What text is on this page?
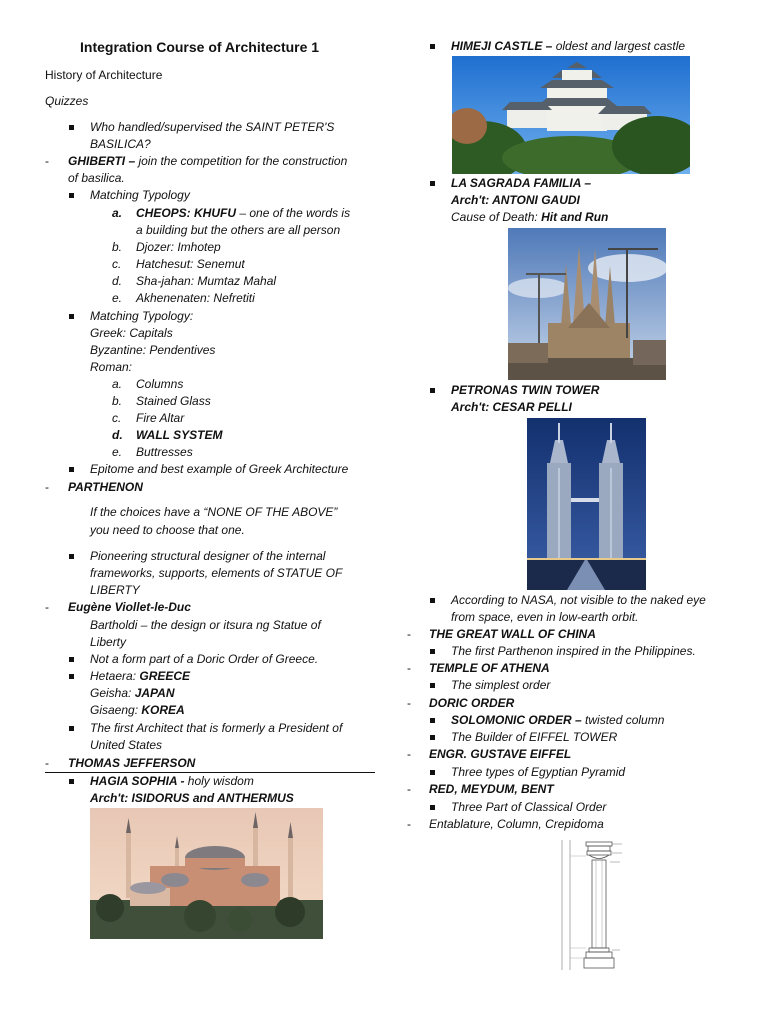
Integration Course of Architecture 1
History of Architecture
Quizzes
Who handled/supervised the SAINT PETER'S
BASILICA?
- GHIBERTI – join the competition for the construction
of basilica.
Matching Typology
a. CHEOPS: KHUFU – one of the words is
a building but the others are all person
b. Djozer: Imhotep
c. Hatchesut: Senemut
d. Sha-jahan: Mumtaz Mahal
e. Akhenenaten: Nefretiti
Matching Typology:
Greek: Capitals
Byzantine: Pendentives
Roman:
a. Columns
b. Stained Glass
c. Fire Altar
d. WALL SYSTEM
e. Buttresses
Epitome and best example of Greek Architecture
- PARTHENON
If the choices have a “NONE OF THE ABOVE”
you need to choose that one.
Pioneering structural designer of the internal
frameworks, supports, elements of STATUE OF
LIBERTY
- Eugène Viollet-le-Duc
Bartholdi – the design or itsura ng Statue of
Liberty
Not a form part of a Doric Order of Greece.
Hetaera: GREECE
Geisha: JAPAN
Gisaeng: KOREA
The first Architect that is formerly a President of
United States
- THOMAS JEFFERSON
HAGIA SOPHIA - holy wisdom
Arch't: ISIDORUS and ANTHERMUS
HIMEJI CASTLE – oldest and largest castle
LA SAGRADA FAMILIA –
Arch't: ANTONI GAUDI
Cause of Death: Hit and Run
PETRONAS TWIN TOWER
Arch't: CESAR PELLI
According to NASA, not visible to the naked eye
from space, even in low-earth orbit.
- THE GREAT WALL OF CHINA
The first Parthenon inspired in the Philippines.
- TEMPLE OF ATHENA
The simplest order
- DORIC ORDER
SOLOMONIC ORDER – twisted column
The Builder of EIFFEL TOWER
- ENGR. GUSTAVE EIFFEL
Three types of Egyptian Pyramid
- RED, MEYDUM, BENT
Three Part of Classical Order
- Entablature, Column, Crepidoma
